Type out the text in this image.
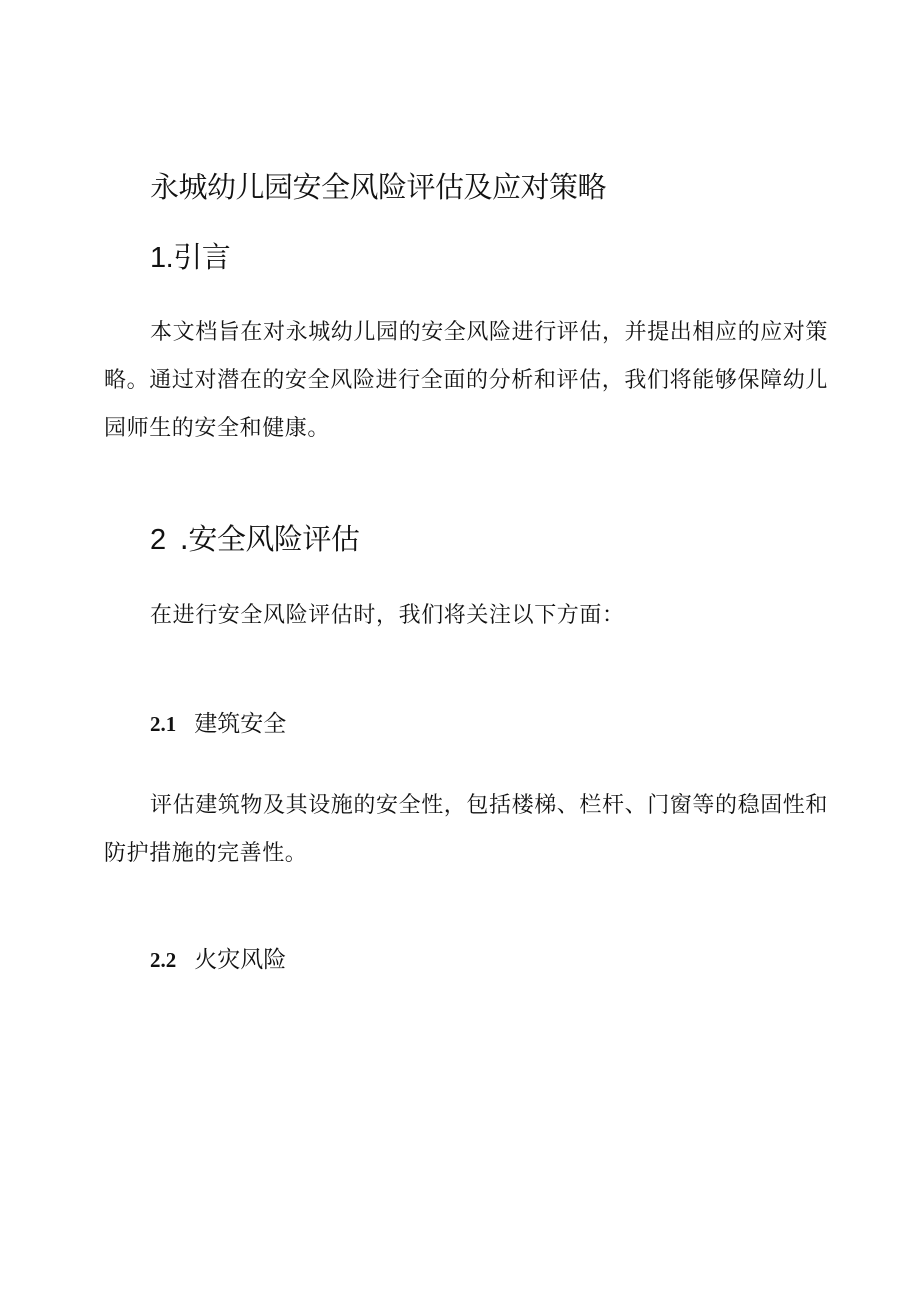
永城幼儿园安全风险评估及应对策略
1.引言

本文档旨在对永城幼儿园的安全风险进行评估，并提出相应的应对策略。通过对潜在的安全风险进行全面的分析和评估，我们将能够保障幼儿园师生的安全和健康。

2 .安全风险评估

在进行安全风险评估时，我们将关注以下方面：

2.1 建筑安全

评估建筑物及其设施的安全性，包括楼梯、栏杆、门窗等的稳固性和防护措施的完善性。

2.2 火灾风险
